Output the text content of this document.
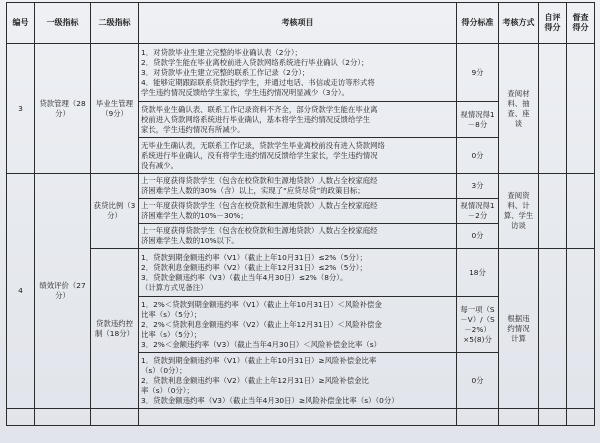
编号	一级指标	二级指标	考核项目	得分标准	考核方式	自评得分	督查得分
3	贷款管理（28分）	毕业生管理（9分）	1．对贷款毕业生建立完整的毕业确认表（2分）；
2．贷款学生能在毕业离校前进入贷款网络系统进行毕业确认（2分）；
3．对贷款毕业生建立完整的联系工作记录（2分）；
4．能够定期跟踪联系贷款违约学生，并通过电话、书信或走访等形式将
学生违约情况反馈给学生家长，学生违约情况明显减少（3分）。	9分	查阅材
料、抽
查、座
谈		

			贷款毕业生确认表、联系工作记录资料不齐全，部分贷款学生能在毕业离
校前进入贷款网络系统进行毕业确认，基本将学生违约情况反馈给学生
家长，学生违约情况有所减少。	视情况得1－8分			

			无毕业生确认表，无联系工作记录，贷款学生毕业离校前没有进入贷款网络
系统进行毕业确认，没有将学生违约情况反馈给学生家长，学生违约情况
没有减少。	0分			
4	绩效评价（27分）	获贷比例（3分）	上一年度获得贷款学生（包含在校贷款和生源地贷款）人数占全校家庭经
济困难学生人数的30%（含）以上，实现了“应贷尽贷”的政策目标；	3分	查阅资
料、计
算、学生
访谈		

			上一年度获得贷款学生（包含在校贷款和生源地贷款）人数占全校家庭经
济困难学生人数的10%－30%；	视情况得1－2分			

			上一年度获得贷款学生（包含在校贷款和生源地贷款）人数占全校家庭经
济困难学生人数的10%以下。	0分			
		贷款违约控制（18分）	1．贷款到期金额违约率（V1）（截止上年10月31日）≤2%（5分）；
2．贷款利息金额违约率（V2）（截止上年12月31日）≤2%（5分）；
3．贷款金额违约率（V3）（截止当年4月30日）≤2%（8分）。
（计算方式见备注）	18分	根据违
约情况
计算		

			1．2%＜贷款到期金额违约率（V1）（截止上年10月31日）＜风险补偿金
比率（s）（5分）；
2．2%＜贷款利息金额违约率（V2）（截止上年12月31日）＜风险补偿金
比率（s）（5分）；
3．2%＜金额违约率（V3）（截止当年4月30日）＜风险补偿金比率（s）	每一项（S－V）/（S－2%）×5(8)分			

			1．贷款到期金额违约率（V1）（截止上年10月31日）≥风险补偿金比率
（s）（0分）；
2．贷款利息金额违约率（V2）（截止上年12月31日）≥风险补偿金比
率（s）（0分）；
3．贷款金额违约率（V3）（截止当年4月30日）≥风险补偿金比率（s）（0分）	0分			
